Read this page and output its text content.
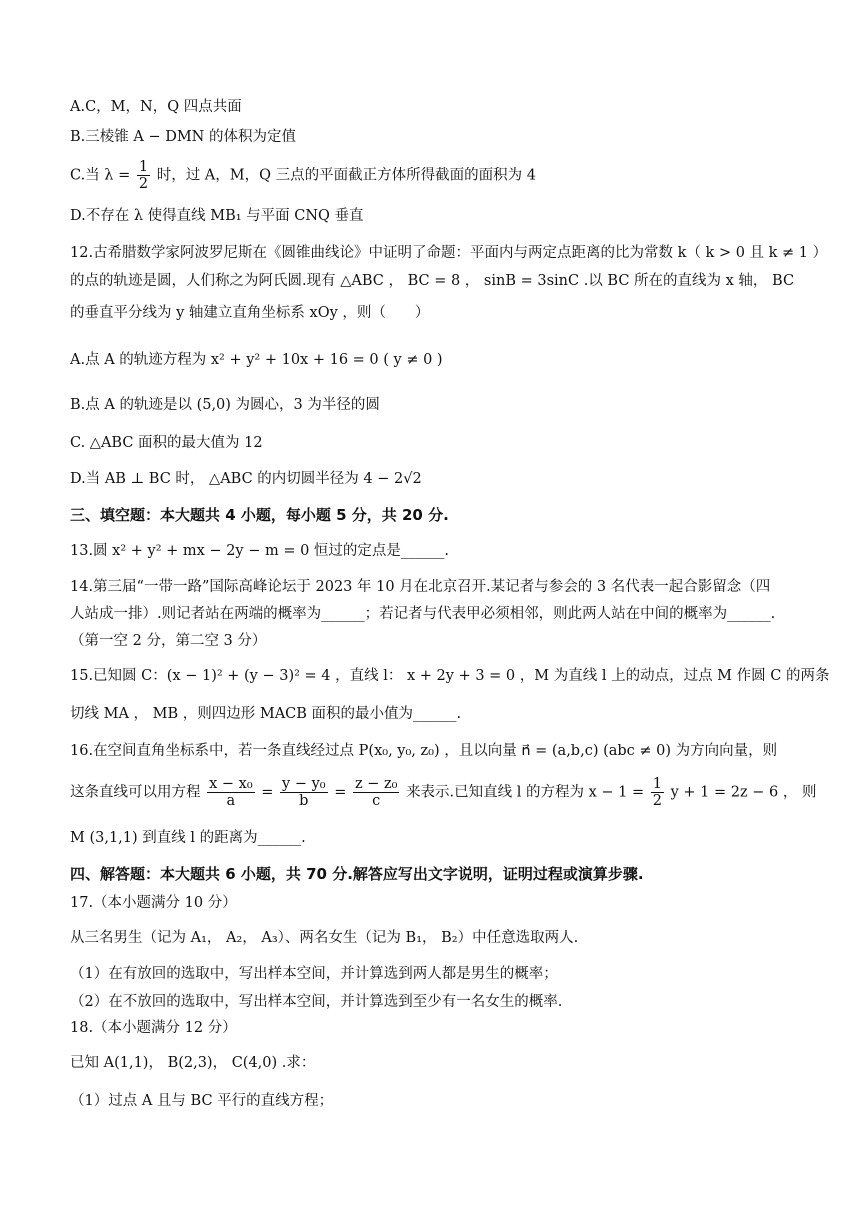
A.C，M，N，Q 四点共面
B.三棱锥 A − DMN 的体积为定值
C.当 $\lambda = \frac{1}{2}$ 时，过 A，M，Q 三点的平面截正方体所得截面的面积为 4
D.不存在 λ 使得直线 MB₁ 与平面 CNQ 垂直
12.古希腊数学家阿波罗尼斯在《圆锥曲线论》中证明了命题：平面内与两定点距离的比为常数 k（ k > 0 且 k ≠ 1 ）
的点的轨迹是圆，人们称之为阿氏圆.现有 △ABC ， BC = 8 ， sinB = 3sinC .以 BC 所在的直线为 x 轴， BC
的垂直平分线为 y 轴建立直角坐标系 xOy ，则（　　）
A.点 A 的轨迹方程为 x² + y² + 10x + 16 = 0 ( y ≠ 0 )
B.点 A 的轨迹是以 (5,0) 为圆心，3 为半径的圆
C. △ABC 面积的最大值为 12
D.当 AB ⊥ BC 时， △ABC 的内切圆半径为 4 − 2√2
三、填空题：本大题共 4 小题，每小题 5 分，共 20 分.
13.圆 x² + y² + mx − 2y − m = 0 恒过的定点是______.
14.第三届“一带一路”国际高峰论坛于 2023 年 10 月在北京召开.某记者与参会的 3 名代表一起合影留念（四
人站成一排）.则记者站在两端的概率为______；若记者与代表甲必须相邻，则此两人站在中间的概率为______.
（第一空 2 分，第二空 3 分）
15.已知圆 C：(x − 1)² + (y − 3)² = 4 ，直线 l： x + 2y + 3 = 0 ，M 为直线 l 上的动点，过点 M 作圆 C 的两条
切线 MA ， MB ，则四边形 MACB 面积的最小值为______.
16.在空间直角坐标系中，若一条直线经过点 P(x₀, y₀, z₀) ，且以向量 n⃗ = (a,b,c) (abc ≠ 0) 为方向向量，则
这条直线可以用方程 $\frac{\text{x − x₀}}{a} = \frac{\text{y − y₀}}{b} = \frac{\text{z − z₀}}{c}$ 来表示.已知直线 l 的方程为 $x - 1 = \frac{1}{2}$ y + 1 = 2z − 6 ， 则
M (3,1,1) 到直线 l 的距离为______.
四、解答题：本大题共 6 小题，共 70 分.解答应写出文字说明，证明过程或演算步骤.
17.（本小题满分 10 分）
从三名男生（记为 A₁， A₂， A₃）、两名女生（记为 B₁， B₂）中任意选取两人.
（1）在有放回的选取中，写出样本空间，并计算选到两人都是男生的概率；
（2）在不放回的选取中，写出样本空间，并计算选到至少有一名女生的概率.
18.（本小题满分 12 分）
已知 A(1,1)， B(2,3)， C(4,0) .求：
（1）过点 A 且与 BC 平行的直线方程；
